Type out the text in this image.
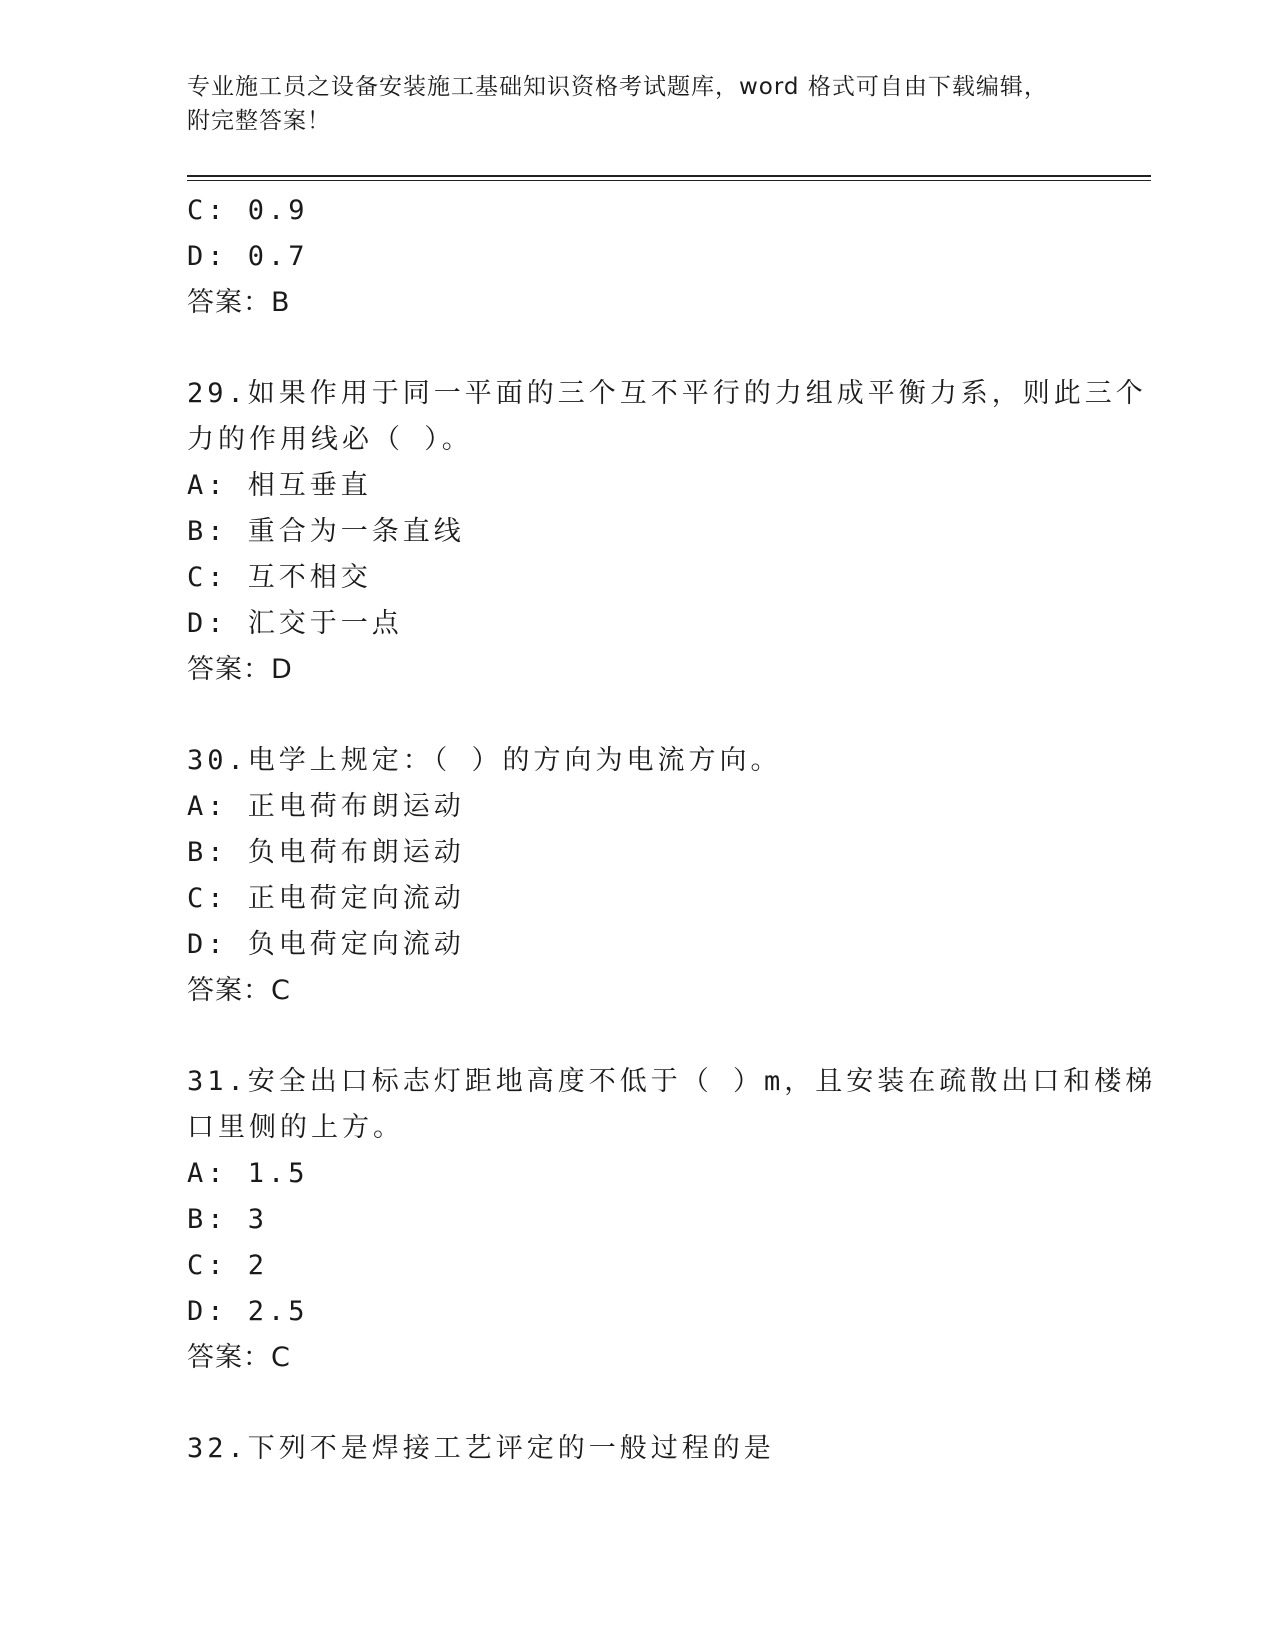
专业施工员之设备安装施工基础知识资格考试题库，word 格式可自由下载编辑，
附完整答案！
C: 0.9
D: 0.7
答案：B
29.如果作用于同一平面的三个互不平行的力组成平衡力系，则此三个
力的作用线必（ ）。
A: 相互垂直
B: 重合为一条直线
C: 互不相交
D: 汇交于一点
答案：D
30.电学上规定：（ ）的方向为电流方向。
A: 正电荷布朗运动
B: 负电荷布朗运动
C: 正电荷定向流动
D: 负电荷定向流动
答案：C
31.安全出口标志灯距地高度不低于（ ）m，且安装在疏散出口和楼梯
口里侧的上方。
A: 1.5
B: 3
C: 2
D: 2.5
答案：C
32.下列不是焊接工艺评定的一般过程的是
